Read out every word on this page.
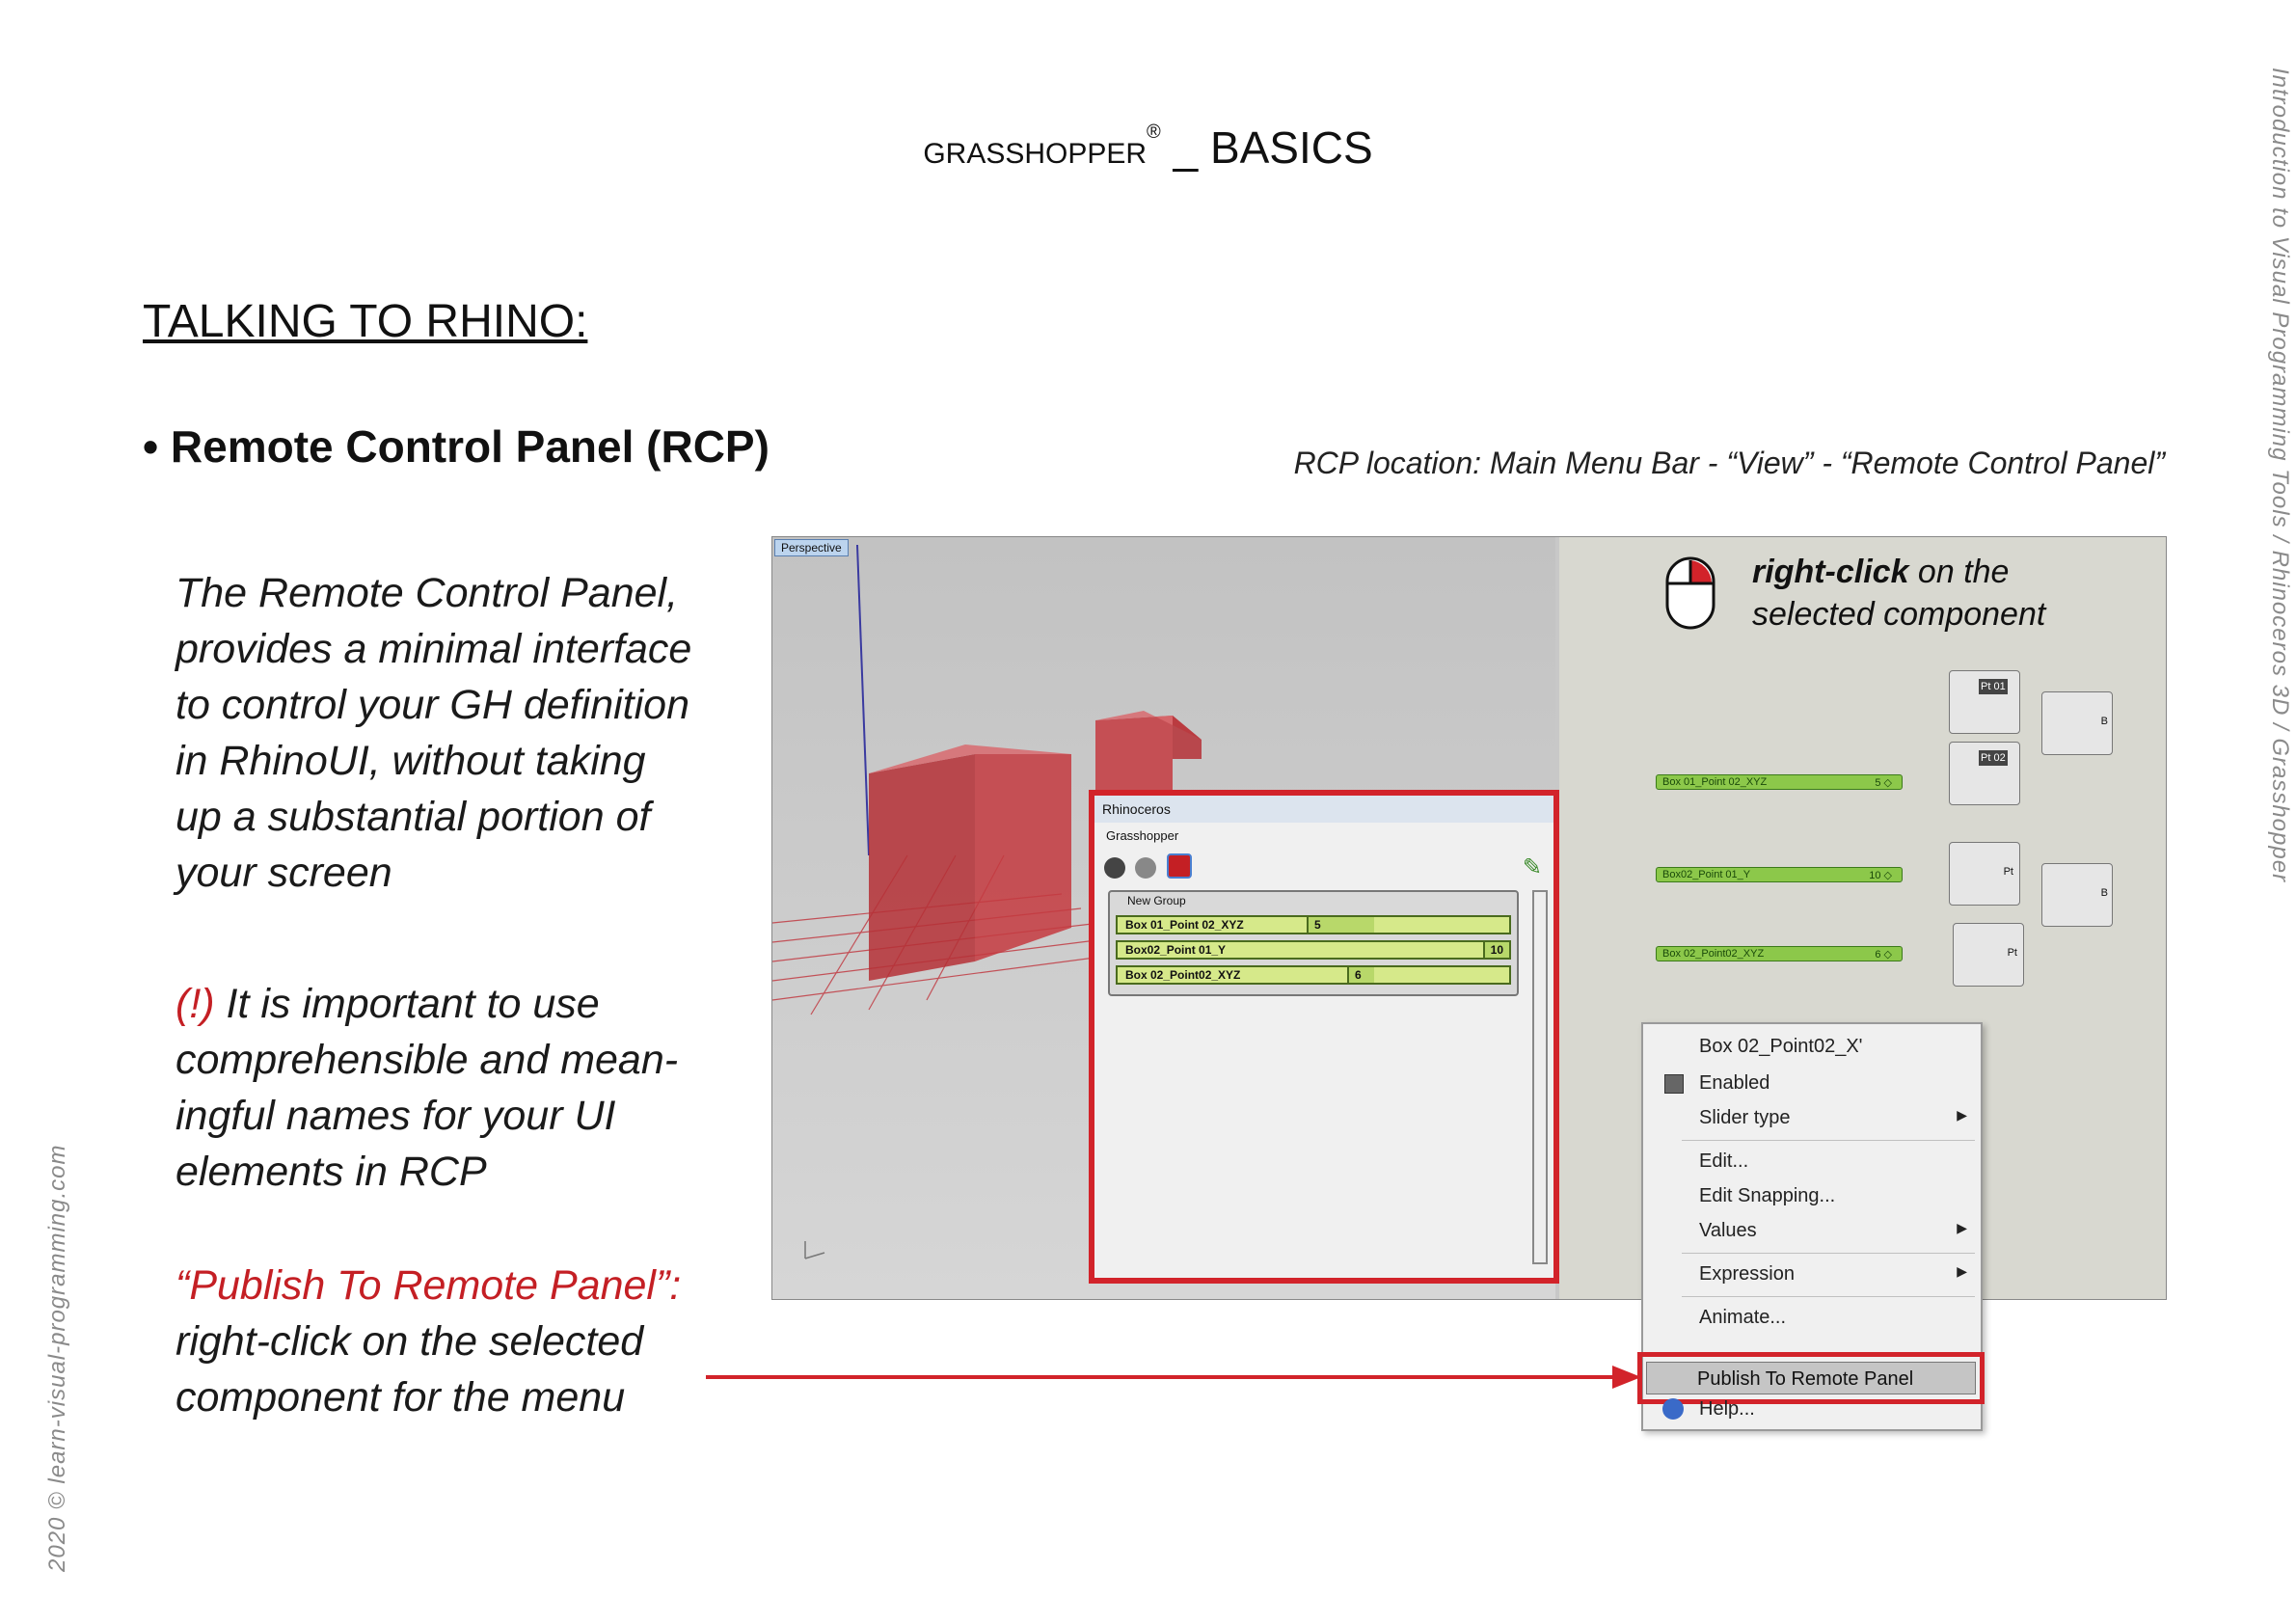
GRASSHOPPER® _ BASICS
TALKING TO RHINO:
• Remote Control Panel (RCP)	RCP location: Main Menu Bar - “View” - “Remote Control Panel”
The Remote Control Panel,
provides a minimal interface
to control your GH definition
in RhinoUI, without taking
up a substantial portion of
your screen
(!) It is important to use
comprehensible and mean-
ingful names for your UI
elements in RCP
“Publish To Remote Panel”:
right-click on the selected
component for the menu
Introduction to Visual Programming Tools / Rhinoceros 3D / Grasshopper
2020 © learn-visual-programming.com
Perspective
Rhinoceros
Grasshopper

✎
New Group
Box 01_Point 02_XYZ	5
Box02_Point 01_Y	10
Box 02_Point02_XYZ	6
right-click on the
selected component
Box 01_Point 02_XYZ	5 ◇
Box02_Point 01_Y	10 ◇
Box 02_Point02_XYZ	6 ◇
Pt 01
Pt 02
B
Pt
Pt
B
Box 02_Point02_X'
Enabled
Slider type	▶
Edit...
Edit Snapping...
Values	▶
Expression	▶
Animate...
Publish To Remote Panel
Help...
